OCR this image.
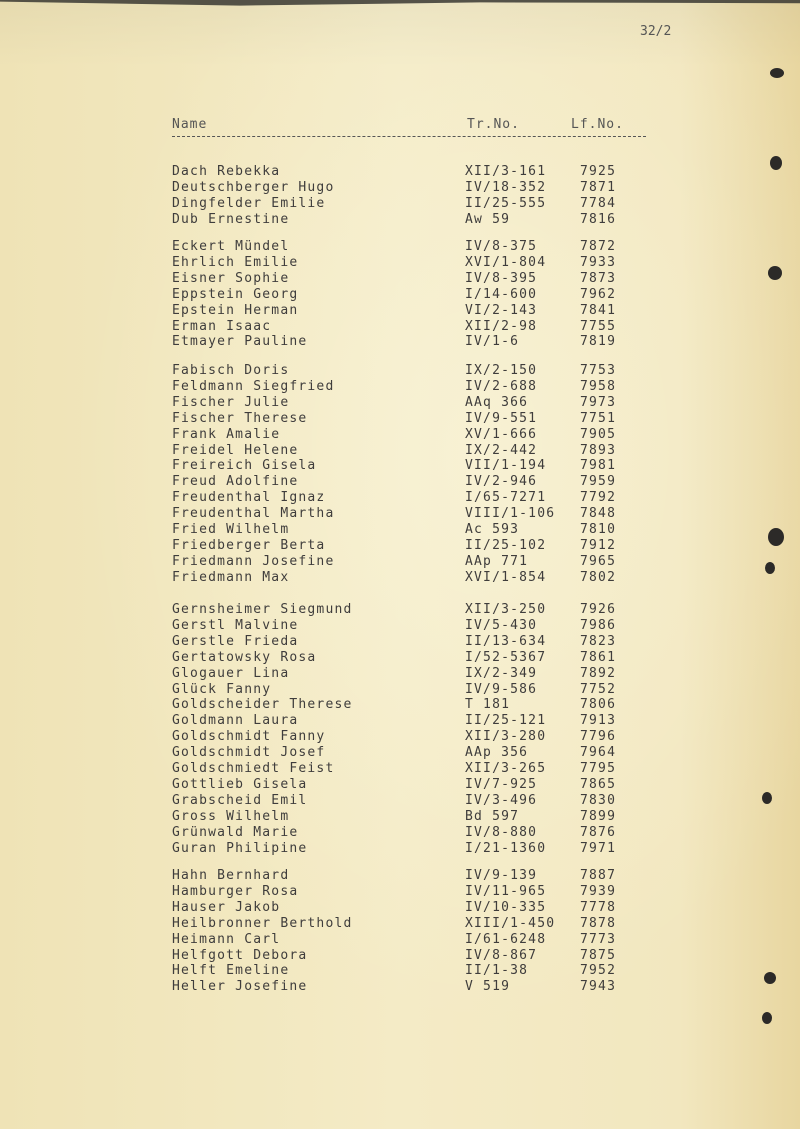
32/2
Name	Tr.No.	Lf.No.
Dach Rebekka	XII/3-161	7925
Deutschberger Hugo	IV/18-352	7871
Dingfelder Emilie	II/25-555	7784
Dub Ernestine	Aw 59	7816
Eckert Mündel	IV/8-375	7872
Ehrlich Emilie	XVI/1-804	7933
Eisner Sophie	IV/8-395	7873
Eppstein Georg	I/14-600	7962
Epstein Herman	VI/2-143	7841
Erman Isaac	XII/2-98	7755
Etmayer Pauline	IV/1-6	7819
Fabisch Doris	IX/2-150	7753
Feldmann Siegfried	IV/2-688	7958
Fischer Julie	AAq 366	7973
Fischer Therese	IV/9-551	7751
Frank Amalie	XV/1-666	7905
Freidel Helene	IX/2-442	7893
Freireich Gisela	VII/1-194	7981
Freud Adolfine	IV/2-946	7959
Freudenthal Ignaz	I/65-7271	7792
Freudenthal Martha	VIII/1-106 7848
Fried Wilhelm	Ac 593	7810
Friedberger Berta	II/25-102	7912
Friedmann Josefine	AAp 771	7965
Friedmann Max	XVI/1-854	7802
Gernsheimer Siegmund	XII/3-250	7926
Gerstl Malvine	IV/5-430	7986
Gerstle Frieda	II/13-634	7823
Gertatowsky Rosa	I/52-5367	7861
Glogauer Lina	IX/2-349	7892
Glück Fanny	IV/9-586	7752
Goldscheider Therese	T 181	7806
Goldmann Laura	II/25-121	7913
Goldschmidt Fanny	XII/3-280	7796
Goldschmidt Josef	AAp 356	7964
Goldschmiedt Feist	XII/3-265	7795
Gottlieb Gisela	IV/7-925	7865
Grabscheid Emil	IV/3-496	7830
Gross Wilhelm	Bd 597	7899
Grünwald Marie	IV/8-880	7876
Guran Philipine	I/21-1360	7971
Hahn Bernhard	IV/9-139	7887
Hamburger Rosa	IV/11-965	7939
Hauser Jakob	IV/10-335	7778
Heilbronner Berthold	XIII/1-450 7878
Heimann Carl	I/61-6248	7773
Helfgott Debora	IV/8-867	7875
Helft Emeline	II/1-38	7952
Heller Josefine	V 519	7943
